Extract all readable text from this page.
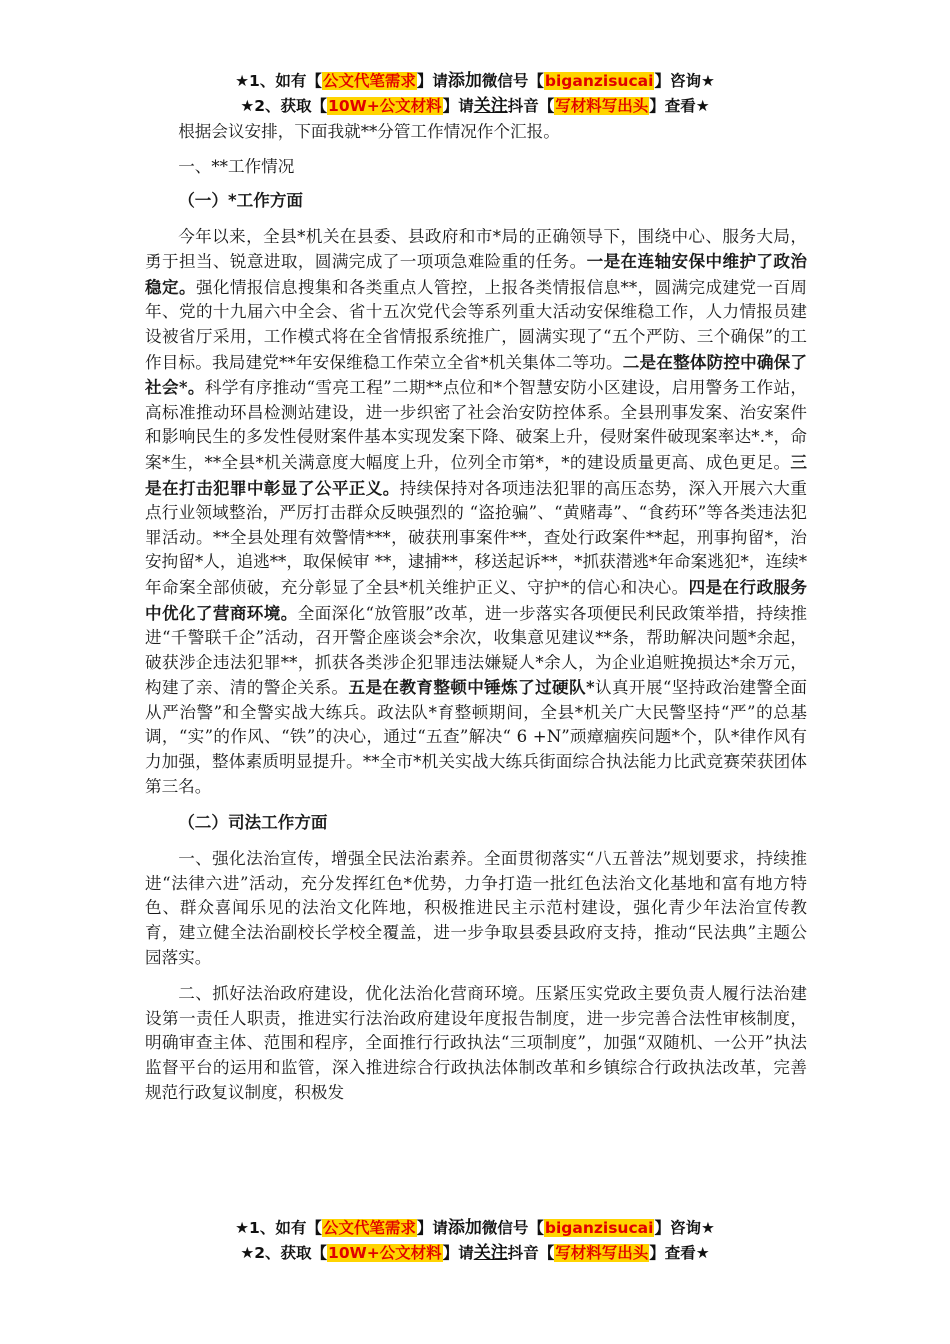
★1、如有【公文代笔需求】请添加微信号【biganzisucai】咨询★
★2、获取【10W+公文材料】请关注抖音【写材料写出头】查看★

根据会议安排，下面我就**分管工作情况作个汇报。

一、**工作情况

（一）*工作方面

今年以来，全县*机关在县委、县政府和市*局的正确领导下，围绕中心、服务大局，勇于担当、锐意进取，圆满完成了一项项急难险重的任务。一是在连轴安保中维护了政治稳定。强化情报信息搜集和各类重点人管控，上报各类情报信息**，圆满完成建党一百周年、党的十九届六中全会、省十五次党代会等系列重大活动安保维稳工作，人力情报员建设被省厅采用，工作模式将在全省情报系统推广，圆满实现了“五个严防、三个确保”的工作目标。我局建党**年安保维稳工作荣立全省*机关集体二等功。二是在整体防控中确保了社会*。科学有序推动“雪亮工程”二期**点位和*个智慧安防小区建设，启用警务工作站，高标准推动环昌检测站建设，进一步织密了社会治安防控体系。全县刑事发案、治安案件和影响民生的多发性侵财案件基本实现发案下降、破案上升，侵财案件破现案率达*.*，命案*生，**全县*机关满意度大幅度上升，位列全市第*，*的建设质量更高、成色更足。三是在打击犯罪中彰显了公平正义。持续保持对各项违法犯罪的高压态势，深入开展六大重点行业领域整治，严厉打击群众反映强烈的 “盗抢骗”、“黄赌毒”、“食药环”等各类违法犯罪活动。**全县处理有效警情***，破获刑事案件**，查处行政案件**起，刑事拘留*，治安拘留*人，追逃**，取保候审 **，逮捕**，移送起诉**，*抓获潜逃*年命案逃犯*，连续*年命案全部侦破，充分彰显了全县*机关维护正义、守护*的信心和决心。四是在行政服务中优化了营商环境。全面深化“放管服”改革，进一步落实各项便民利民政策举措，持续推进“千警联千企”活动，召开警企座谈会*余次，收集意见建议**条，帮助解决问题*余起，破获涉企违法犯罪**，抓获各类涉企犯罪违法嫌疑人*余人，为企业追赃挽损达*余万元，构建了亲、清的警企关系。五是在教育整顿中锤炼了过硬队*认真开展“坚持政治建警全面从严治警”和全警实战大练兵。政法队*育整顿期间，全县*机关广大民警坚持“严”的总基调，“实”的作风、“铁”的决心，通过“五查”解决“ 6 +N”顽瘴痼疾问题*个，队*律作风有力加强，整体素质明显提升。**全市*机关实战大练兵街面综合执法能力比武竞赛荣获团体第三名。

（二）司法工作方面

一、强化法治宣传，增强全民法治素养。全面贯彻落实“八五普法”规划要求，持续推进“法律六进”活动，充分发挥红色*优势，力争打造一批红色法治文化基地和富有地方特色、群众喜闻乐见的法治文化阵地，积极推进民主示范村建设，强化青少年法治宣传教育，建立健全法治副校长学校全覆盖，进一步争取县委县政府支持，推动“民法典”主题公园落实。

二、抓好法治政府建设，优化法治化营商环境。压紧压实党政主要负责人履行法治建设第一责任人职责，推进实行法治政府建设年度报告制度，进一步完善合法性审核制度，明确审查主体、范围和程序，全面推行行政执法“三项制度”，加强“双随机、一公开”执法监督平台的运用和监管，深入推进综合行政执法体制改革和乡镇综合行政执法改革，完善规范行政复议制度，积极发

★1、如有【公文代笔需求】请添加微信号【biganzisucai】咨询★
★2、获取【10W+公文材料】请关注抖音【写材料写出头】查看★
